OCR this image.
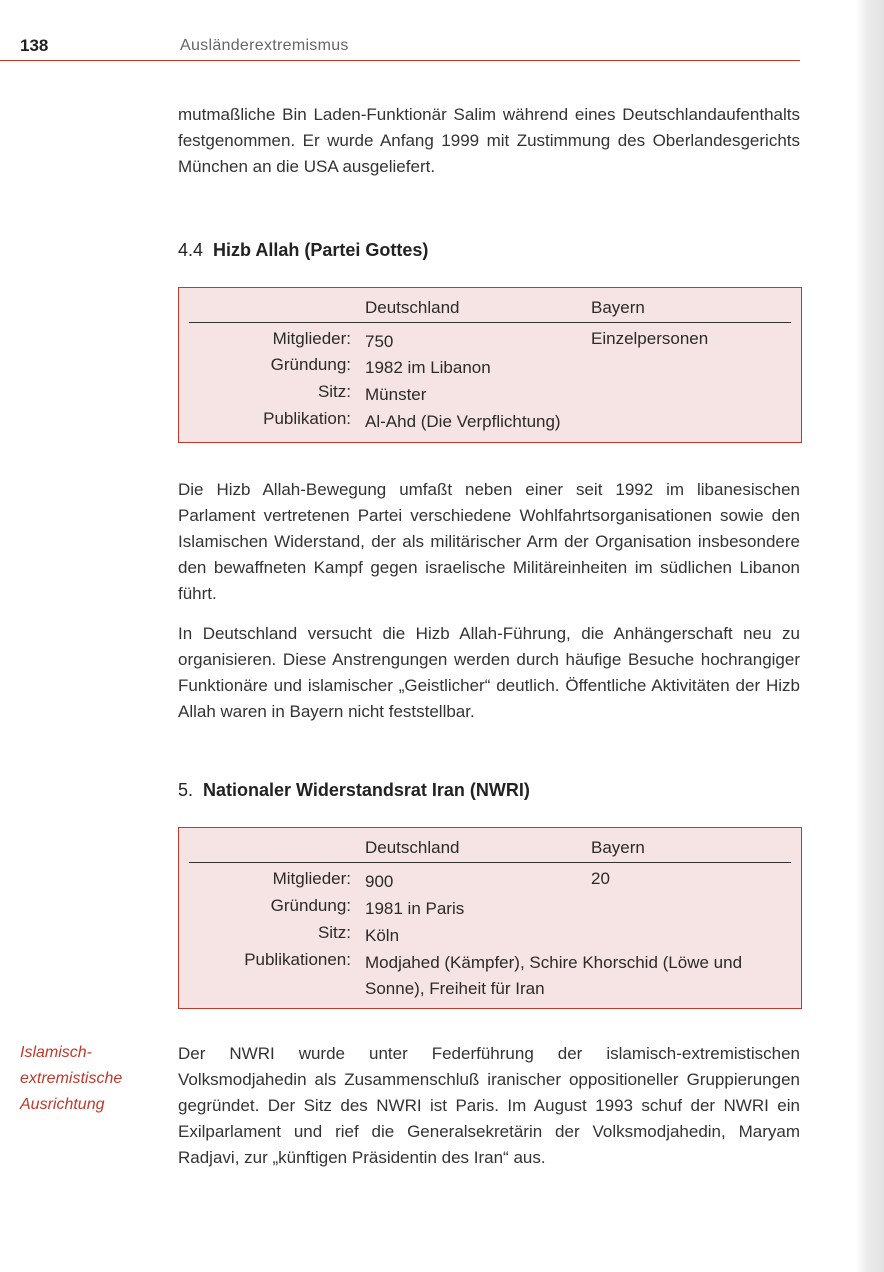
138	Ausländerextremismus

mutmaßliche Bin Laden-Funktionär Salim während eines Deutschlandaufenthalts festgenommen. Er wurde Anfang 1999 mit Zustimmung des Oberlandesgerichts München an die USA ausgeliefert.

4.4 Hizb Allah (Partei Gottes)
Deutschland	Bayern
Mitglieder: 750	Einzelpersonen
Gründung: 1982 im Libanon
Sitz: Münster
Publikation: Al-Ahd (Die Verpflichtung)

Die Hizb Allah-Bewegung umfaßt neben einer seit 1992 im libanesischen Parlament vertretenen Partei verschiedene Wohlfahrtsorganisationen sowie den Islamischen Widerstand, der als militärischer Arm der Organisation insbesondere den bewaffneten Kampf gegen israelische Militäreinheiten im südlichen Libanon führt.

In Deutschland versucht die Hizb Allah-Führung, die Anhängerschaft neu zu organisieren. Diese Anstrengungen werden durch häufige Besuche hochrangiger Funktionäre und islamischer „Geistlicher“ deutlich. Öffentliche Aktivitäten der Hizb Allah waren in Bayern nicht feststellbar.

5. Nationaler Widerstandsrat Iran (NWRI)
Deutschland	Bayern
Mitglieder: 900	20
Gründung: 1981 in Paris
Sitz: Köln
Publikationen: Modjahed (Kämpfer), Schire Khorschid (Löwe und Sonne), Freiheit für Iran
Islamisch-extremistische Ausrichtung

Der NWRI wurde unter Federführung der islamisch-extremistischen Volksmodjahedin als Zusammenschluß iranischer oppositioneller Gruppierungen gegründet. Der Sitz des NWRI ist Paris. Im August 1993 schuf der NWRI ein Exilparlament und rief die Generalsekretärin der Volksmodjahedin, Maryam Radjavi, zur „künftigen Präsidentin des Iran“ aus.
